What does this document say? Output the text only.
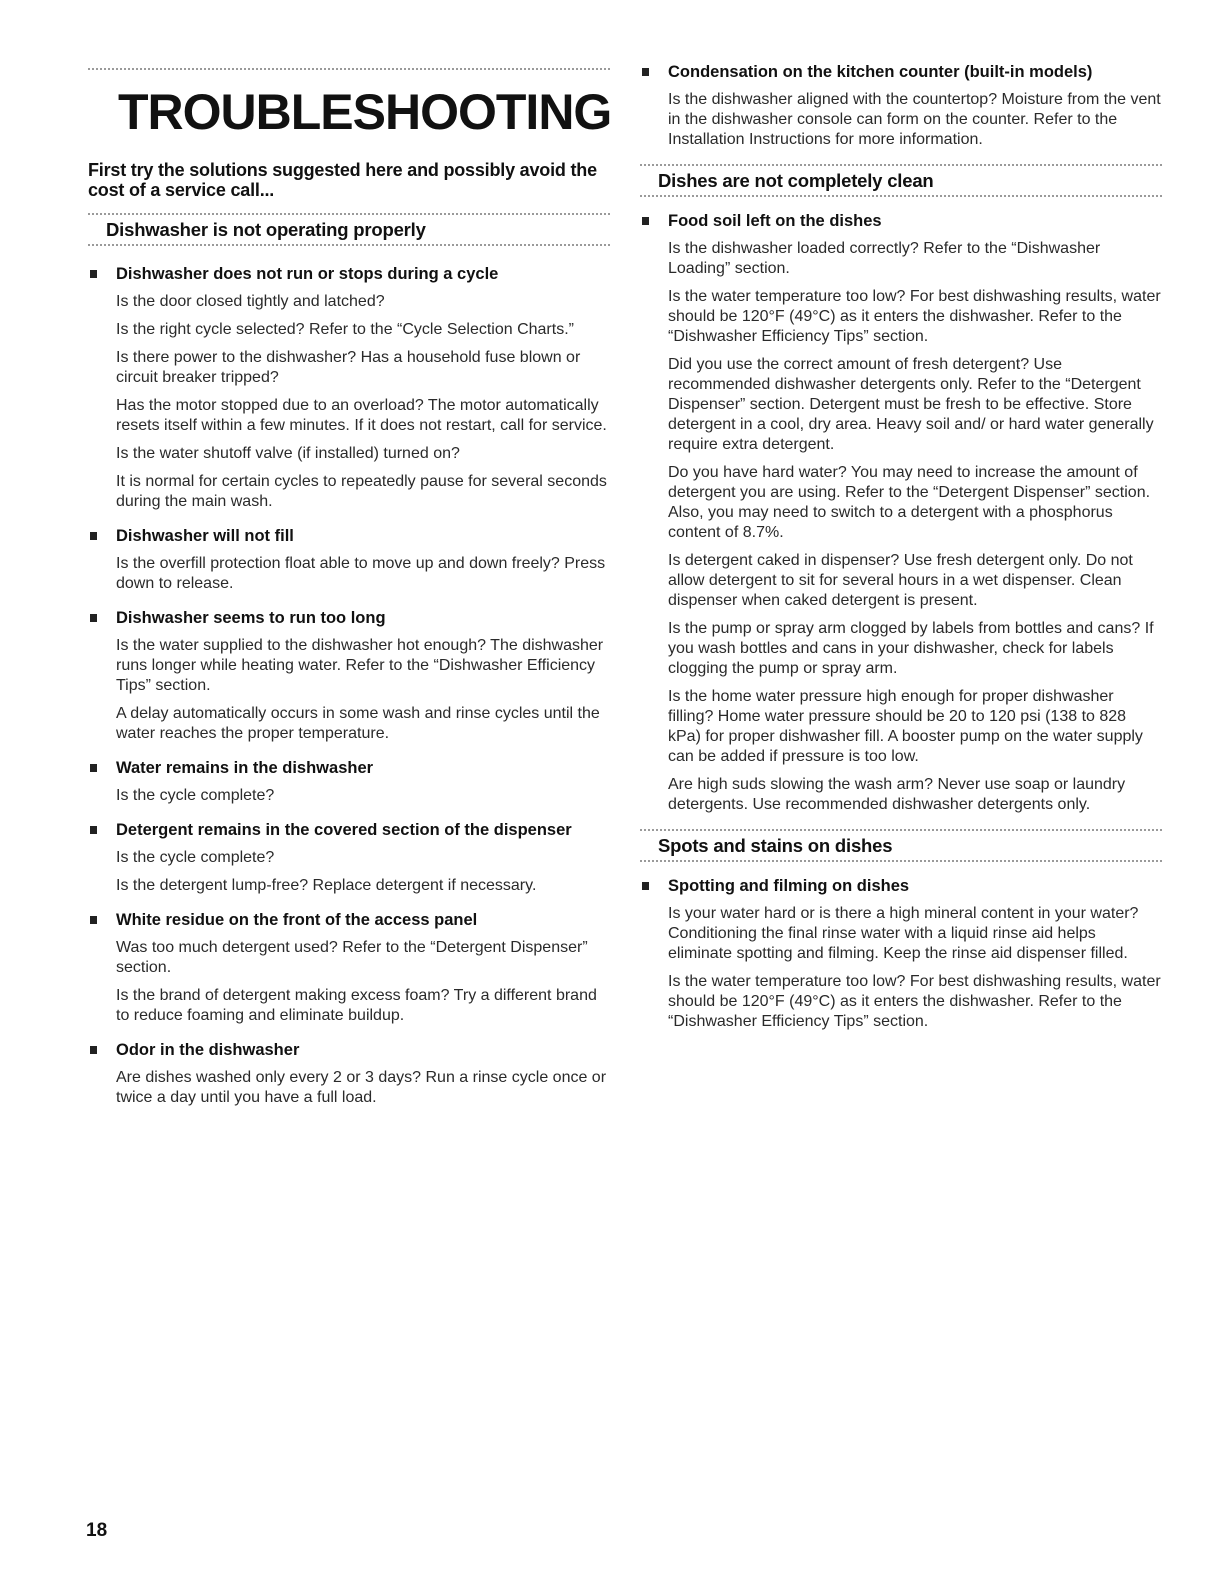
TROUBLESHOOTING
First try the solutions suggested here and possibly avoid the cost of a service call...
Dishwasher is not operating properly
Dishwasher does not run or stops during a cycle
Is the door closed tightly and latched?
Is the right cycle selected? Refer to the “Cycle Selection Charts.”
Is there power to the dishwasher? Has a household fuse blown or circuit breaker tripped?
Has the motor stopped due to an overload? The motor automatically resets itself within a few minutes. If it does not restart, call for service.
Is the water shutoff valve (if installed) turned on?
It is normal for certain cycles to repeatedly pause for several seconds during the main wash.
Dishwasher will not fill
Is the overfill protection float able to move up and down freely? Press down to release.
Dishwasher seems to run too long
Is the water supplied to the dishwasher hot enough? The dishwasher runs longer while heating water. Refer to the “Dishwasher Efficiency Tips” section.
A delay automatically occurs in some wash and rinse cycles until the water reaches the proper temperature.
Water remains in the dishwasher
Is the cycle complete?
Detergent remains in the covered section of the dispenser
Is the cycle complete?
Is the detergent lump-free? Replace detergent if necessary.
White residue on the front of the access panel
Was too much detergent used? Refer to the “Detergent Dispenser” section.
Is the brand of detergent making excess foam? Try a different brand to reduce foaming and eliminate buildup.
Odor in the dishwasher
Are dishes washed only every 2 or 3 days? Run a rinse cycle once or twice a day until you have a full load.
Condensation on the kitchen counter (built-in models)
Is the dishwasher aligned with the countertop? Moisture from the vent in the dishwasher console can form on the counter. Refer to the Installation Instructions for more information.
Dishes are not completely clean
Food soil left on the dishes
Is the dishwasher loaded correctly? Refer to the “Dishwasher Loading” section.
Is the water temperature too low? For best dishwashing results, water should be 120°F (49°C) as it enters the dishwasher. Refer to the “Dishwasher Efficiency Tips” section.
Did you use the correct amount of fresh detergent? Use recommended dishwasher detergents only. Refer to the “Detergent Dispenser” section. Detergent must be fresh to be effective. Store detergent in a cool, dry area. Heavy soil and/ or hard water generally require extra detergent.
Do you have hard water? You may need to increase the amount of detergent you are using. Refer to the “Detergent Dispenser” section. Also, you may need to switch to a detergent with a phosphorus content of 8.7%.
Is detergent caked in dispenser? Use fresh detergent only. Do not allow detergent to sit for several hours in a wet dispenser. Clean dispenser when caked detergent is present.
Is the pump or spray arm clogged by labels from bottles and cans? If you wash bottles and cans in your dishwasher, check for labels clogging the pump or spray arm.
Is the home water pressure high enough for proper dishwasher filling? Home water pressure should be 20 to 120 psi (138 to 828 kPa) for proper dishwasher fill. A booster pump on the water supply can be added if pressure is too low.
Are high suds slowing the wash arm? Never use soap or laundry detergents. Use recommended dishwasher detergents only.
Spots and stains on dishes
Spotting and filming on dishes
Is your water hard or is there a high mineral content in your water? Conditioning the final rinse water with a liquid rinse aid helps eliminate spotting and filming. Keep the rinse aid dispenser filled.
Is the water temperature too low? For best dishwashing results, water should be 120°F (49°C) as it enters the dishwasher. Refer to the “Dishwasher Efficiency Tips” section.
18
